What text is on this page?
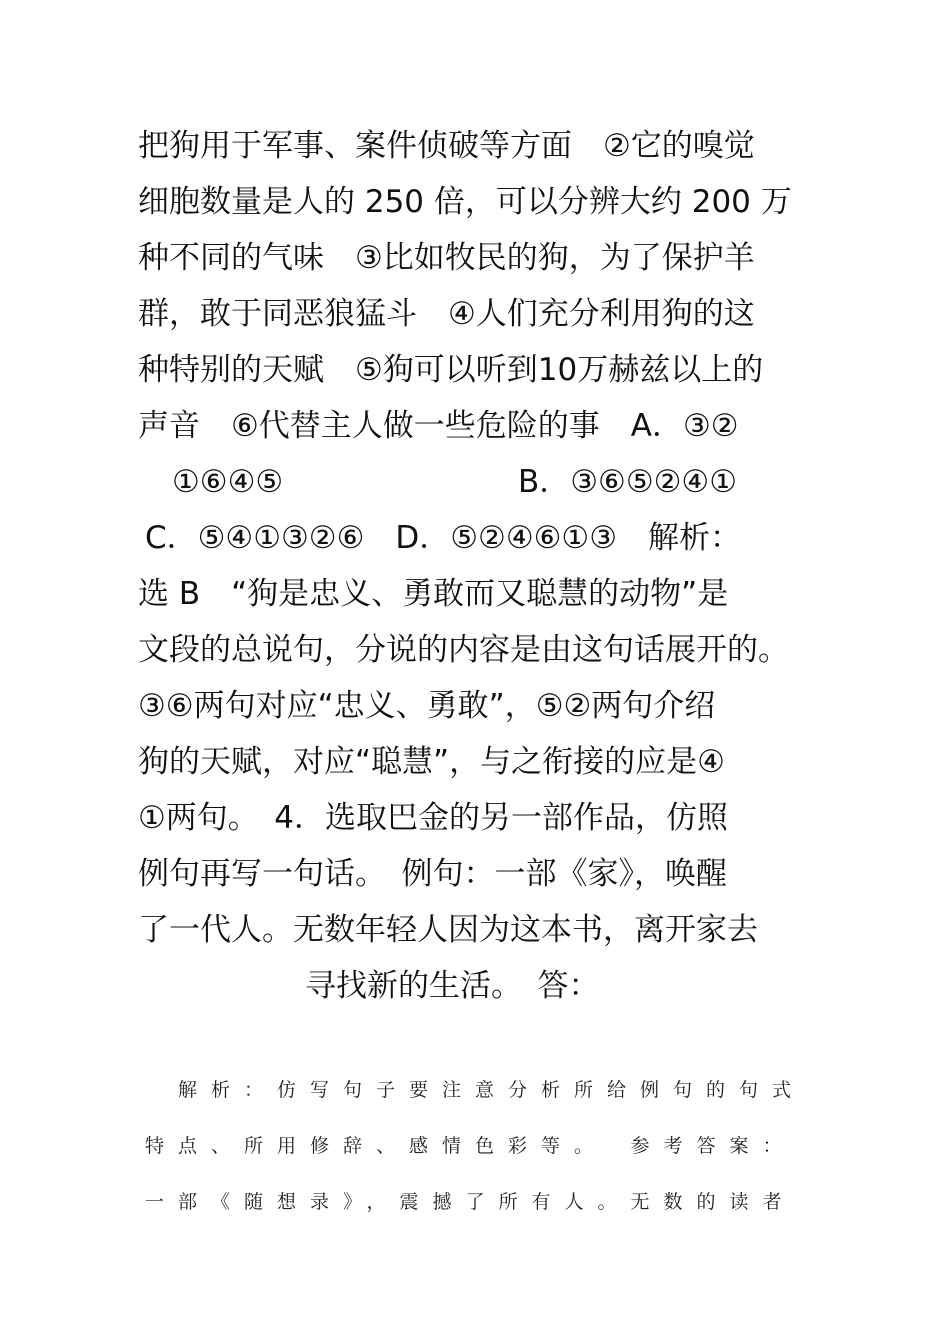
把狗用于军事、案件侦破等方面　②它的嗅觉
细胞数量是人的 250 倍，可以分辨大约 200 万
种不同的气味　③比如牧民的狗，为了保护羊
群，敢于同恶狼猛斗　④人们充分利用狗的这
种特别的天赋　⑤狗可以听到10万赫兹以上的
声音　⑥代替主人做一些危险的事　A．③②
①⑥④⑤	B．③⑥⑤②④①
C．⑤④①③②⑥　D．⑤②④⑥①③　解析：
选 B　“狗是忠义、勇敢而又聪慧的动物”是
文段的总说句，分说的内容是由这句话展开的。
③⑥两句对应“忠义、勇敢”，⑤②两句介绍
狗的天赋，对应“聪慧”，与之衔接的应是④
①两句。　4．选取巴金的另一部作品，仿照
例句再写一句话。　例句：一部《家》，唤醒
了一代人。无数年轻人因为这本书，离开家去
寻找新的生活。　答：
解析：仿写句子要注意分析所给例句的句式
特点、所用修辞、感情色彩等。　参考答案：
一部《随想录》，震撼了所有人。无数的读者
